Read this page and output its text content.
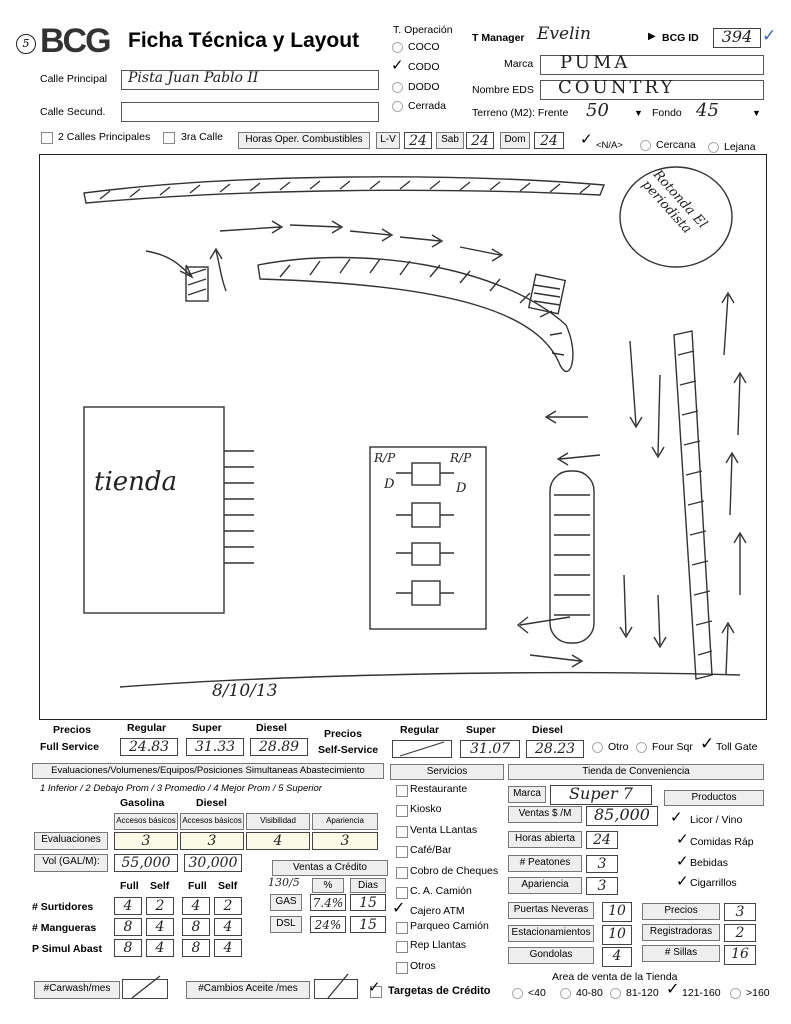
5 BCG Ficha Técnica y Layout
Calle Principal Pista Juan Pablo II
Calle Secund.
2 Calles Principales	3ra Calle	Horas Oper. Combustibles	L-V 24	Sab 24	Dom	24	✓ <N/A>	Cercana	Lejana
T. Operación
COCO
✓ CODO
DODO
Cerrada
T Manager Evelin	▶ BCG ID	394 ✓
Marca PUMA
Nombre EDS COUNTRY
Terreno (M2): Frente 50	▼ Fondo 45	▼
tienda
Rotonda El periodista
R/P	R/P
D	D
8/10/13
Precios
Full Service
Regular Super	Diesel
24.83	31.33	28.89
Precios
Self-Service
Regular	Super	Diesel
31.07	28.23	Otro Four Sqr ✓ Toll Gate
Evaluaciones/Volumenes/Equipos/Posiciones Simultaneas Abastecimiento
1 Inferior / 2 Debajo Prom / 3 Promedio / 4 Mejor Prom / 5 Superior
Gasolina	Diesel
Accesos básicos Accesos básicos	Visibilidad	Apariencia
Evaluaciones	3	3	4	3
Vol (GAL/M):	55,000	30,000
Full Self Full Self
# Surtidores	4	2	4	2
# Mangueras	8	4	8	4
P Simul Abast	8	4	8	4
Ventas a Crédito
130/5	%	Dias
GAS	7.4%	15
DSL	24%	15
#Carwash/mes	#Cambios Aceite /mes
Servicios
Restaurante
Kiosko
Venta LLantas
Café/Bar
Cobro de Cheques
C. A. Camión
✓ Cajero ATM
Parqueo Camión
Rep Llantas
Otros
✓ Targetas de Crédito
Tienda de Conveniencia
Marca	Super 7
Ventas $ /M	85,000
Horas abierta	24
# Peatones	3
Apariencia	3
Productos
✓ Licor / Vino
✓ Comidas Ráp
✓ Bebidas
✓ Cigarrillos
Puertas Neveras	10
Estacionamientos	10
Gondolas	4
Precios	3
Registradoras	2
# Sillas	16
Area de venta de la Tienda
<40	40-80 81-120 ✓ 121-160 >160
